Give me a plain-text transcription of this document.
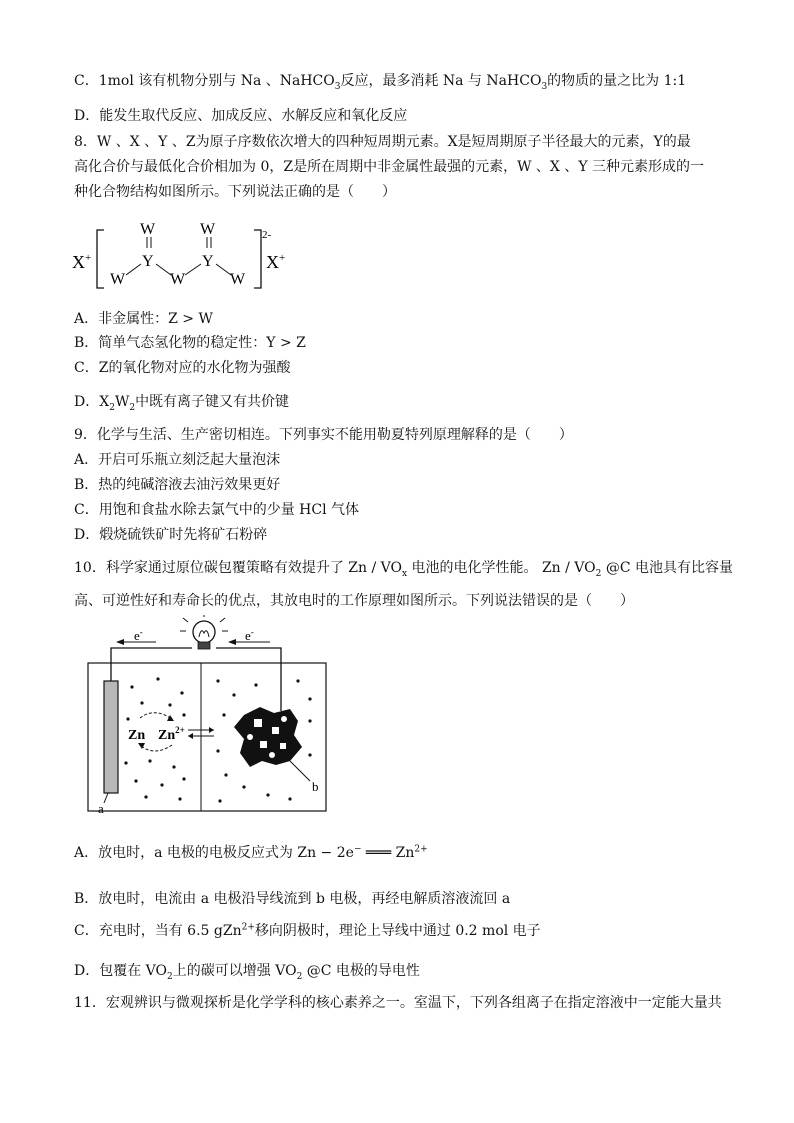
C．1mol 该有机物分别与 Na 、NaHCO$_3$反应，最多消耗 Na 与 NaHCO$_3$的物质的量之比为 1:1
D．能发生取代反应、加成反应、水解反应和氧化反应
8．W 、X 、Y 、Z为原子序数依次增大的四种短周期元素。X是短周期原子半径最大的元素，Y的最
高化合价与最低化合价相加为 0，Z是所在周期中非金属性最强的元素，W 、X 、Y 三种元素形成的一
种化合物结构如图所示。下列说法正确的是（　　）
X+
2-
X+
W	W
Y	Y
W	W	W
A．非金属性：Z > W
B．简单气态氢化物的稳定性：Y > Z
C．Z的氧化物对应的水化物为强酸
D．$X_2W_2$中既有离子键又有共价键
9．化学与生活、生产密切相连。下列事实不能用勒夏特列原理解释的是（　　）
A．开启可乐瓶立刻泛起大量泡沫
B．热的纯碱溶液去油污效果更好
C．用饱和食盐水除去氯气中的少量 HCl 气体
D．煅烧硫铁矿时先将矿石粉碎
10．科学家通过原位碳包覆策略有效提升了 Zn / $VO_x$ 电池的电化学性能。 Zn / $VO_2$ @C 电池具有比容量
高、可逆性好和寿命长的优点，其放电时的工作原理如图所示。下列说法错误的是（　　）
e-	e-
a
Zn $Zn^{2+}$
b
A．放电时，a 电极的电极反应式为 Zn − 2e− ═══ $Zn^{2+}$
B．放电时，电流由 a 电极沿导线流到 b 电极，再经电解质溶液流回 a
C．充电时，当有 6.5 gZn$^{2+}$移向阴极时，理论上导线中通过 0.2 mol 电子
D．包覆在 $VO_2$上的碳可以增强 $VO_2$ @C 电极的导电性
11．宏观辨识与微观探析是化学学科的核心素养之一。室温下，下列各组离子在指定溶液中一定能大量共
